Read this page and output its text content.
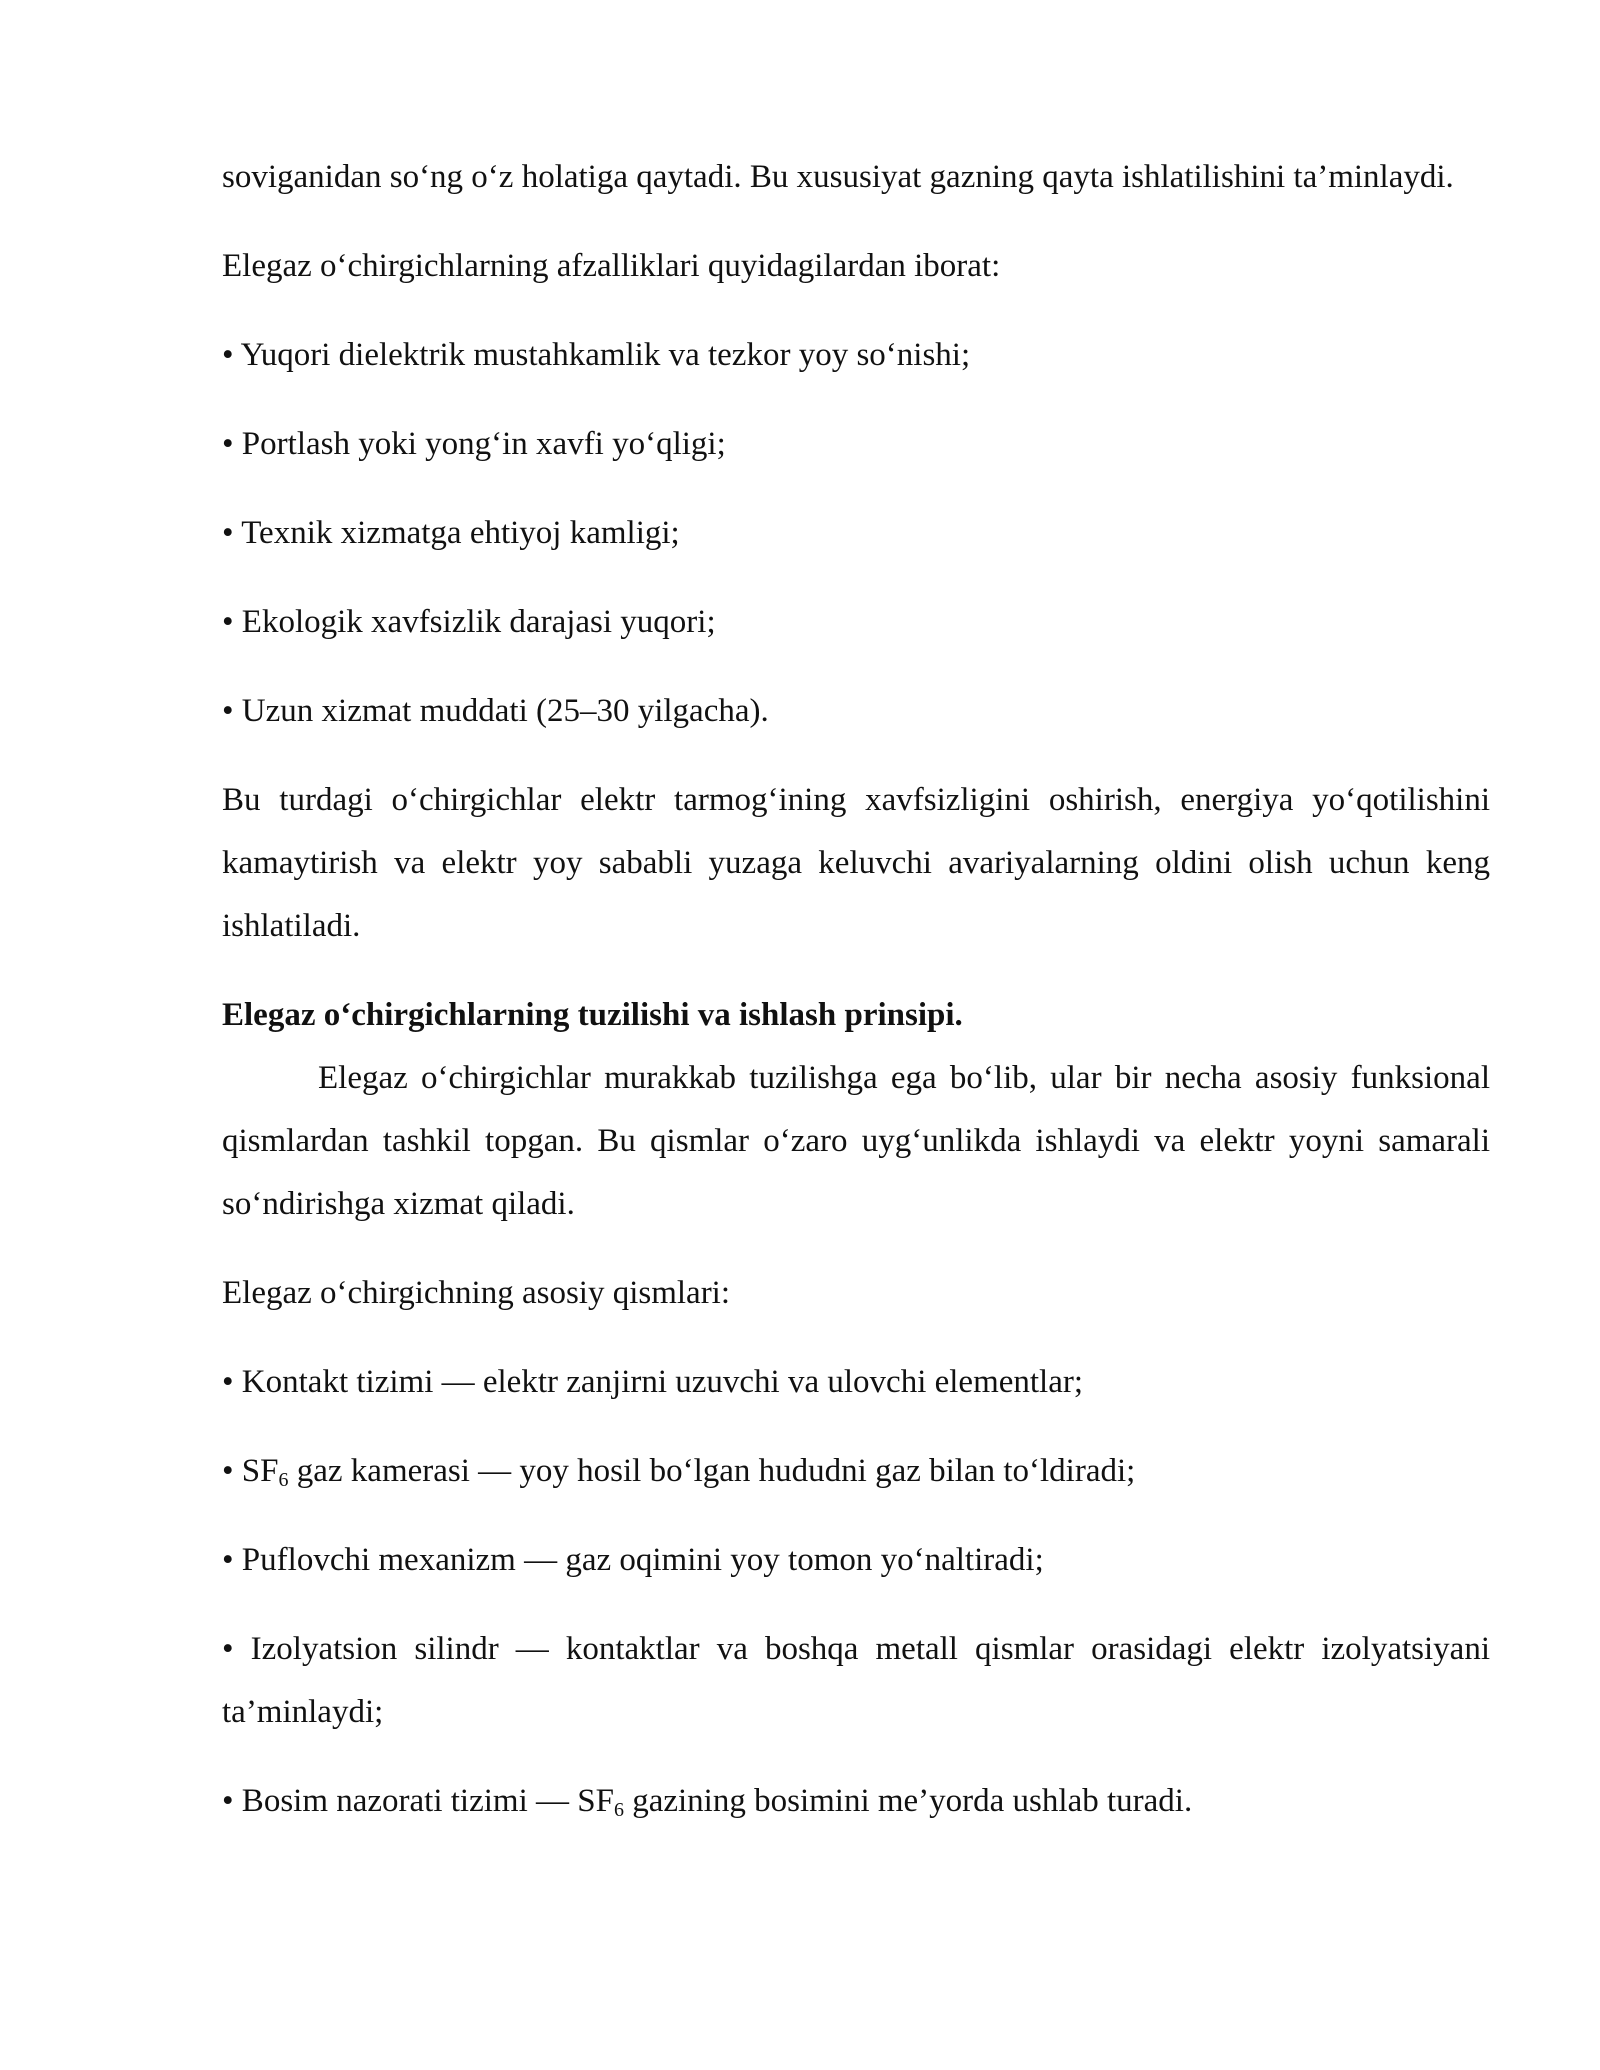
soviganidan so‘ng o‘z holatiga qaytadi. Bu xususiyat gazning qayta ishlatilishini ta’minlaydi.

Elegaz o‘chirgichlarning afzalliklari quyidagilardan iborat:

• Yuqori dielektrik mustahkamlik va tezkor yoy so‘nishi;

• Portlash yoki yong‘in xavfi yo‘qligi;

• Texnik xizmatga ehtiyoj kamligi;

• Ekologik xavfsizlik darajasi yuqori;

• Uzun xizmat muddati (25–30 yilgacha).

Bu turdagi o‘chirgichlar elektr tarmog‘ining xavfsizligini oshirish, energiya yo‘qotilishini kamaytirish va elektr yoy sababli yuzaga keluvchi avariyalarning oldini olish uchun keng ishlatiladi.

Elegaz o‘chirgichlarning tuzilishi va ishlash prinsipi.

Elegaz o‘chirgichlar murakkab tuzilishga ega bo‘lib, ular bir necha asosiy funksional qismlardan tashkil topgan. Bu qismlar o‘zaro uyg‘unlikda ishlaydi va elektr yoyni samarali so‘ndirishga xizmat qiladi.

Elegaz o‘chirgichning asosiy qismlari:

• Kontakt tizimi — elektr zanjirni uzuvchi va ulovchi elementlar;

• $SF_6$ gaz kamerasi — yoy hosil bo‘lgan hududni gaz bilan to‘ldiradi;

• Puflovchi mexanizm — gaz oqimini yoy tomon yo‘naltiradi;

• Izolyatsion silindr — kontaktlar va boshqa metall qismlar orasidagi elektr izolyatsiyani ta’minlaydi;

• Bosim nazorati tizimi — $SF_6$ gazining bosimini me’yorda ushlab turadi.
